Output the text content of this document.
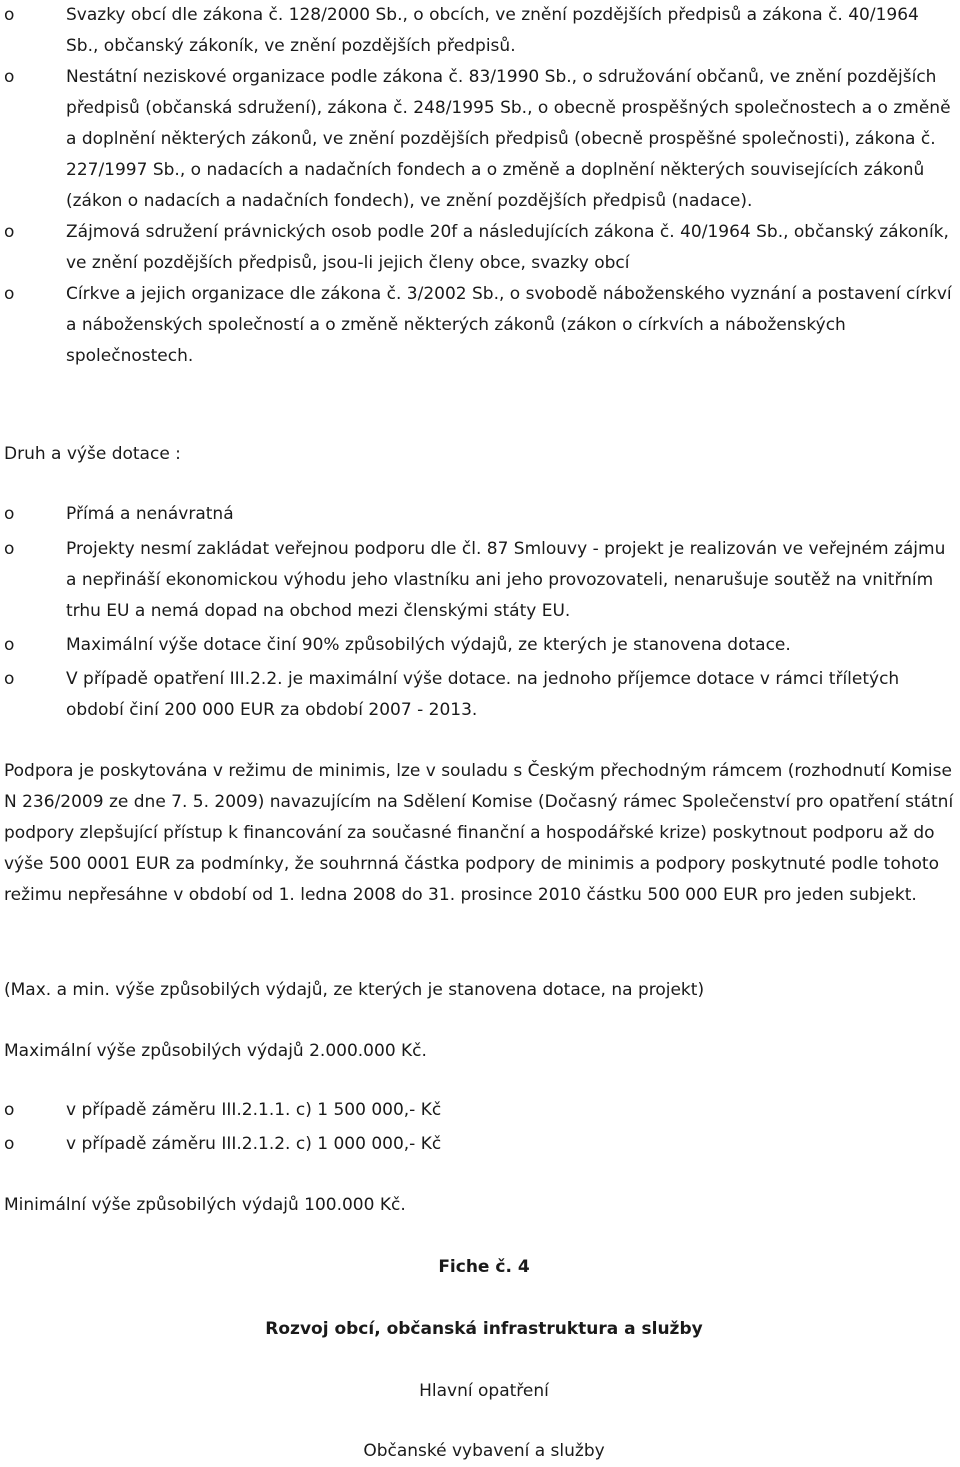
o	Svazky obcí dle zákona č. 128/2000 Sb., o obcích, ve znění pozdějších předpisů a zákona č. 40/1964 Sb., občanský zákoník, ve znění pozdějších předpisů.
o	Nestátní neziskové organizace podle zákona č. 83/1990 Sb., o sdružování občanů, ve znění pozdějších předpisů (občanská sdružení), zákona č. 248/1995 Sb., o obecně prospěšných společnostech a o změně a doplnění některých zákonů, ve znění pozdějších předpisů (obecně prospěšné společnosti), zákona č. 227/1997 Sb., o nadacích a nadačních fondech a o změně a doplnění některých souvisejících zákonů (zákon o nadacích a nadačních fondech), ve znění pozdějších předpisů (nadace).
o	Zájmová sdružení právnických osob podle 20f a následujících zákona č. 40/1964 Sb., občanský zákoník, ve znění pozdějších předpisů, jsou-li jejich členy obce, svazky obcí
o	Církve a jejich organizace dle zákona č. 3/2002 Sb., o svobodě náboženského vyznání a postavení církví a náboženských společností a o změně některých zákonů (zákon o církvích a náboženských společnostech.

Druh a výše dotace :

o	Přímá a nenávratná
o	Projekty nesmí zakládat veřejnou podporu dle čl. 87 Smlouvy - projekt je realizován ve veřejném zájmu a nepřináší ekonomickou výhodu jeho vlastníku ani jeho provozovateli, nenarušuje soutěž na vnitřním trhu EU a nemá dopad na obchod mezi členskými státy EU.
o	Maximální výše dotace činí 90% způsobilých výdajů, ze kterých je stanovena dotace.
o	V případě opatření III.2.2. je maximální výše dotace. na jednoho příjemce dotace v rámci tříletých období činí 200 000 EUR za období 2007 - 2013.

Podpora je poskytována v režimu de minimis, lze v souladu s Českým přechodným rámcem (rozhodnutí Komise N 236/2009 ze dne 7. 5. 2009) navazujícím na Sdělení Komise (Dočasný rámec Společenství pro opatření státní podpory zlepšující přístup k financování za současné finanční a hospodářské krize) poskytnout podporu až do výše 500 0001 EUR za podmínky, že souhrnná částka podpory de minimis a podpory poskytnuté podle tohoto režimu nepřesáhne v období od 1. ledna 2008 do 31. prosince 2010 částku 500 000 EUR pro jeden subjekt.

(Max. a min. výše způsobilých výdajů, ze kterých je stanovena dotace, na projekt)

Maximální výše způsobilých výdajů 2.000.000 Kč.

o	v případě záměru III.2.1.1. c) 1 500 000,- Kč
o	v případě záměru III.2.1.2. c) 1 000 000,- Kč

Minimální výše způsobilých výdajů 100.000 Kč.

Fiche č. 4

Rozvoj obcí, občanská infrastruktura a služby

Hlavní opatření

Občanské vybavení a služby
